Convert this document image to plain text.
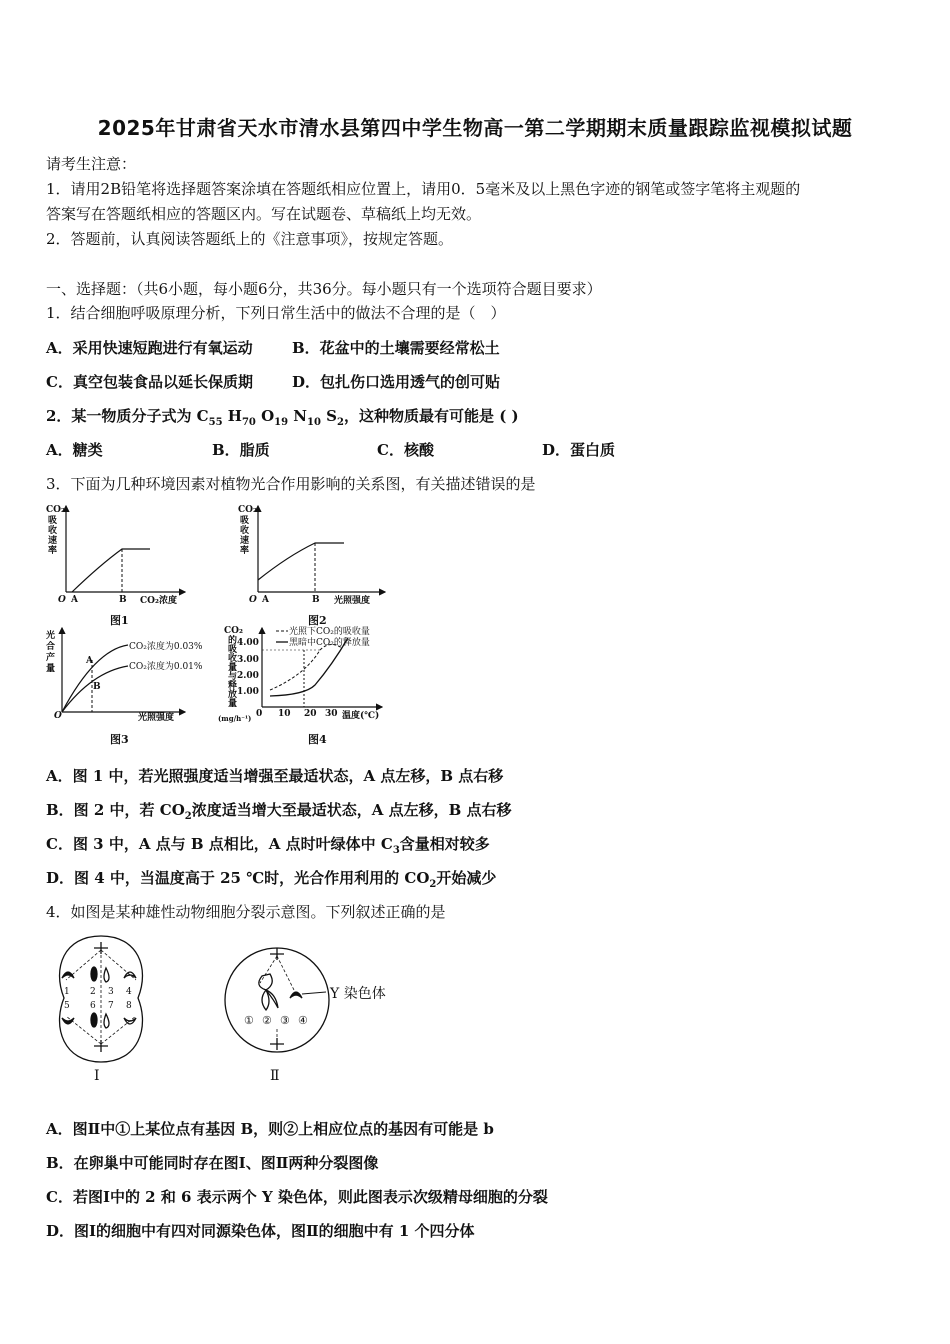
2025年甘肃省天水市清水县第四中学生物高一第二学期期末质量跟踪监视模拟试题
请考生注意：
1．请用2B铅笔将选择题答案涂填在答题纸相应位置上，请用0．5毫米及以上黑色字迹的钢笔或签字笔将主观题的
答案写在答题纸相应的答题区内。写在试题卷、草稿纸上均无效。
2．答题前，认真阅读答题纸上的《注意事项》，按规定答题。
一、选择题：（共6小题，每小题6分，共36分。每小题只有一个选项符合题目要求）
1．结合细胞呼吸原理分析，下列日常生活中的做法不合理的是（　）
A．采用快速短跑进行有氧运动	B．花盆中的土壤需要经常松土
C．真空包装食品以延长保质期	D．包扎伤口选用透气的创可贴
2．某一物质分子式为 $C_{55}$ $H_{70}$ $O_{19}$ $N_{10}$ $S_2$，这种物质最有可能是 ( )
A．糖类	B．脂质	C．核酸	D．蛋白质
3．下面为几种环境因素对植物光合作用影响的关系图，有关描述错误的是
CO₂
吸
收
速
率
O A	B CO₂浓度
图1
CO₂
吸
收
速
率
O A	B 光照强度
图2
光
合
产
量
O
A
B
CO₂浓度为0.03%
CO₂浓度为0.01%
光照强度
图3
CO₂
的
吸
收
量
与
释
放
量
(mg/h⁻¹)
4.00
3.00
2.00
1.00
0 10 20 30 温度(℃)
光照下CO₂的吸收量
黑暗中CO₂的释放量
图4
A．图 1 中，若光照强度适当增强至最适状态，A 点左移，B 点右移
B．图 2 中，若 $CO_2$浓度适当增大至最适状态，A 点左移，B 点右移
C．图 3 中，A 点与 B 点相比，A 点时叶绿体中 $C_3$含量相对较多
D．图 4 中，当温度高于 25 ℃时，光合作用利用的 $CO_2$开始减少
4．如图是某种雄性动物细胞分裂示意图。下列叙述正确的是
1 2 3 4
5 6 7 8
Ⅰ
① ② ③ ④
Y 染色体
Ⅱ
A．图Ⅱ中①上某位点有基因 B，则②上相应位点的基因有可能是 b
B．在卵巢中可能同时存在图Ⅰ、图Ⅱ两种分裂图像
C．若图Ⅰ中的 2 和 6 表示两个 Y 染色体，则此图表示次级精母细胞的分裂
D．图Ⅰ的细胞中有四对同源染色体，图Ⅱ的细胞中有 1 个四分体
